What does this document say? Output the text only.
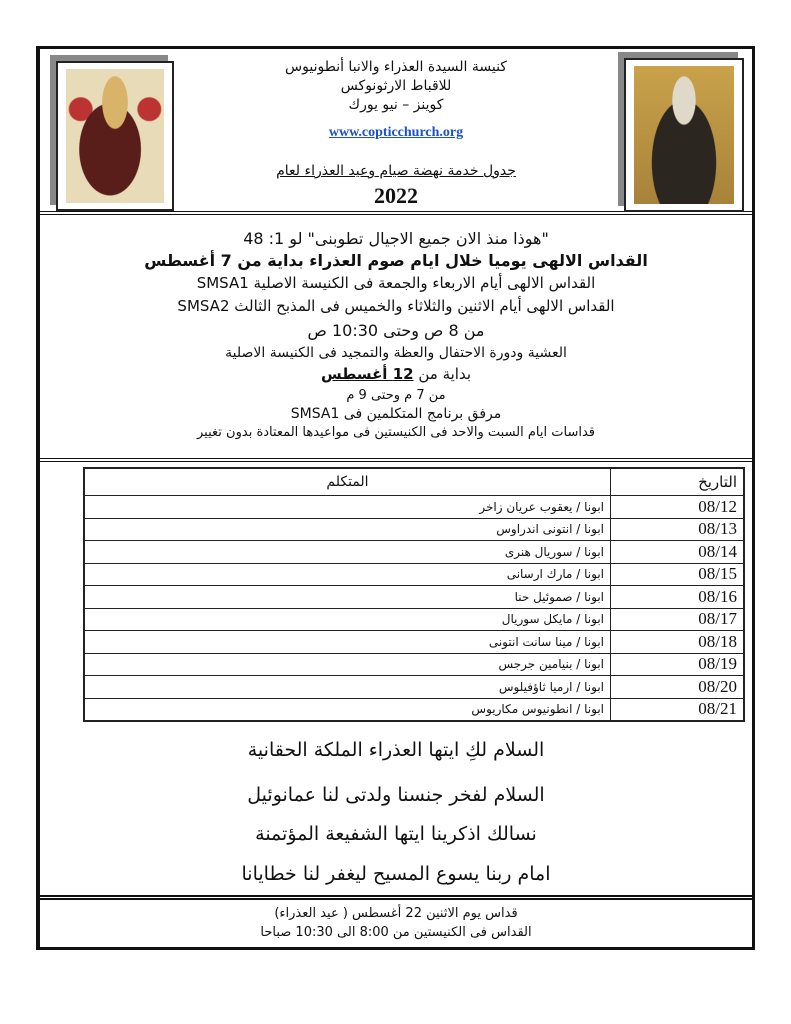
كنيسة السيدة العذراء والانبا أنطونيوس
للاقباط الارثونوكس
كوينز – نيو يورك
www.copticchurch.org
جدول خدمة نهضة صيام وعيد العذراء لعام
2022
"هوذا منذ الان جميع الاجيال تطوبنى" لو 1: 48
القداس الالهى يوميا خلال ايام صوم العذراء بداية من 7 أغسطس
القداس الالهى أيام الاربعاء والجمعة فى الكنيسة الاصلية SMSA1
القداس الالهى أيام الاثنين والثلاثاء والخميس فى المذبح الثالث SMSA2
من 8 ص وحتى 10:30 ص
العشية ودورة الاحتفال والعظة والتمجيد فى الكنيسة الاصلية
بداية من 12 أغسطس
من 7 م وحتى 9 م
مرفق برنامج المتكلمين فى SMSA1
قداسات ايام السبت والاحد فى الكنيستين فى مواعيدها المعتادة بدون تغيير
التاريخ	المتكلم
08/12	ابونا / يعقوب عريان زاخر
08/13	ابونا / انتونى اندراوس
08/14	ابونا / سوريال هنرى
08/15	ابونا / مارك ارسانى
08/16	ابونا / صموئيل حنا
08/17	ابونا / مايكل سوريال
08/18	ابونا / مينا سانت انتونى
08/19	ابونا / بنيامين جرجس
08/20	ابونا / ارميا ثاؤفيلوس
08/21	ابونا / انطونيوس مكاريوس
السلام لكِ ايتها العذراء الملكة الحقانية
السلام لفخر جنسنا ولدتى لنا عمانوئيل
نسالك اذكرينا ايتها الشفيعة المؤتمنة
امام ربنا يسوع المسيح ليغفر لنا خطايانا
قداس يوم الاثنين 22 أغسطس ( عيد العذراء)
القداس فى الكنيستين من 8:00 الى 10:30 صباحا
